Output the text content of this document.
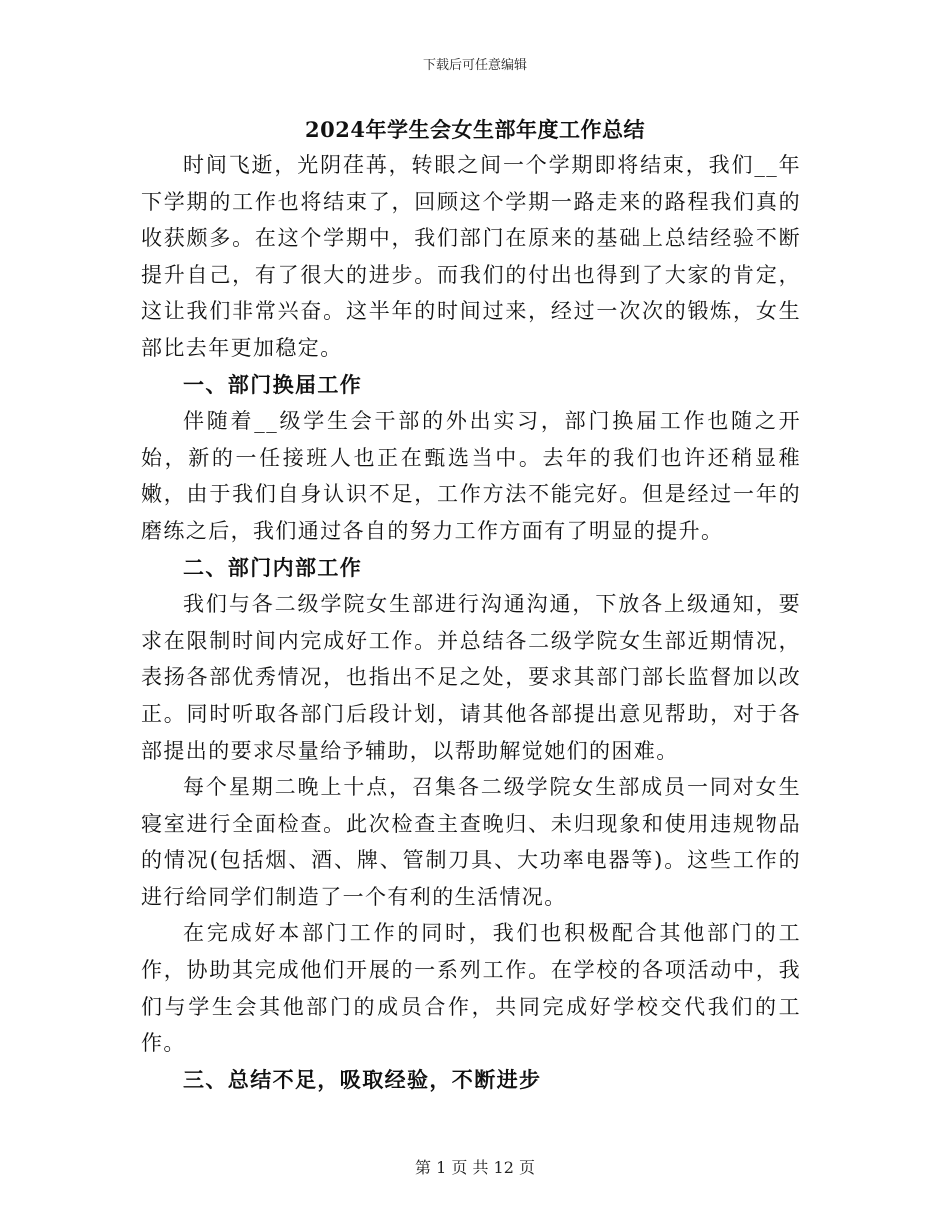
下载后可任意编辑
2024年学生会女生部年度工作总结

时间飞逝，光阴荏苒，转眼之间一个学期即将结束，我们__年下学期的工作也将结束了，回顾这个学期一路走来的路程我们真的收获颇多。在这个学期中，我们部门在原来的基础上总结经验不断提升自己，有了很大的进步。而我们的付出也得到了大家的肯定，这让我们非常兴奋。这半年的时间过来，经过一次次的锻炼，女生部比去年更加稳定。

一、部门换届工作

伴随着__级学生会干部的外出实习，部门换届工作也随之开始，新的一任接班人也正在甄选当中。去年的我们也许还稍显稚嫩，由于我们自身认识不足，工作方法不能完好。但是经过一年的磨练之后，我们通过各自的努力工作方面有了明显的提升。

二、部门内部工作

我们与各二级学院女生部进行沟通沟通，下放各上级通知，要求在限制时间内完成好工作。并总结各二级学院女生部近期情况，表扬各部优秀情况，也指出不足之处，要求其部门部长监督加以改正。同时听取各部门后段计划，请其他各部提出意见帮助，对于各部提出的要求尽量给予辅助，以帮助解觉她们的困难。

每个星期二晚上十点，召集各二级学院女生部成员一同对女生寝室进行全面检查。此次检查主查晚归、未归现象和使用违规物品的情况(包括烟、酒、牌、管制刀具、大功率电器等)。这些工作的进行给同学们制造了一个有利的生活情况。

在完成好本部门工作的同时，我们也积极配合其他部门的工作，协助其完成他们开展的一系列工作。在学校的各项活动中，我们与学生会其他部门的成员合作，共同完成好学校交代我们的工作。

三、总结不足，吸取经验，不断进步

第 1 页 共 12 页
